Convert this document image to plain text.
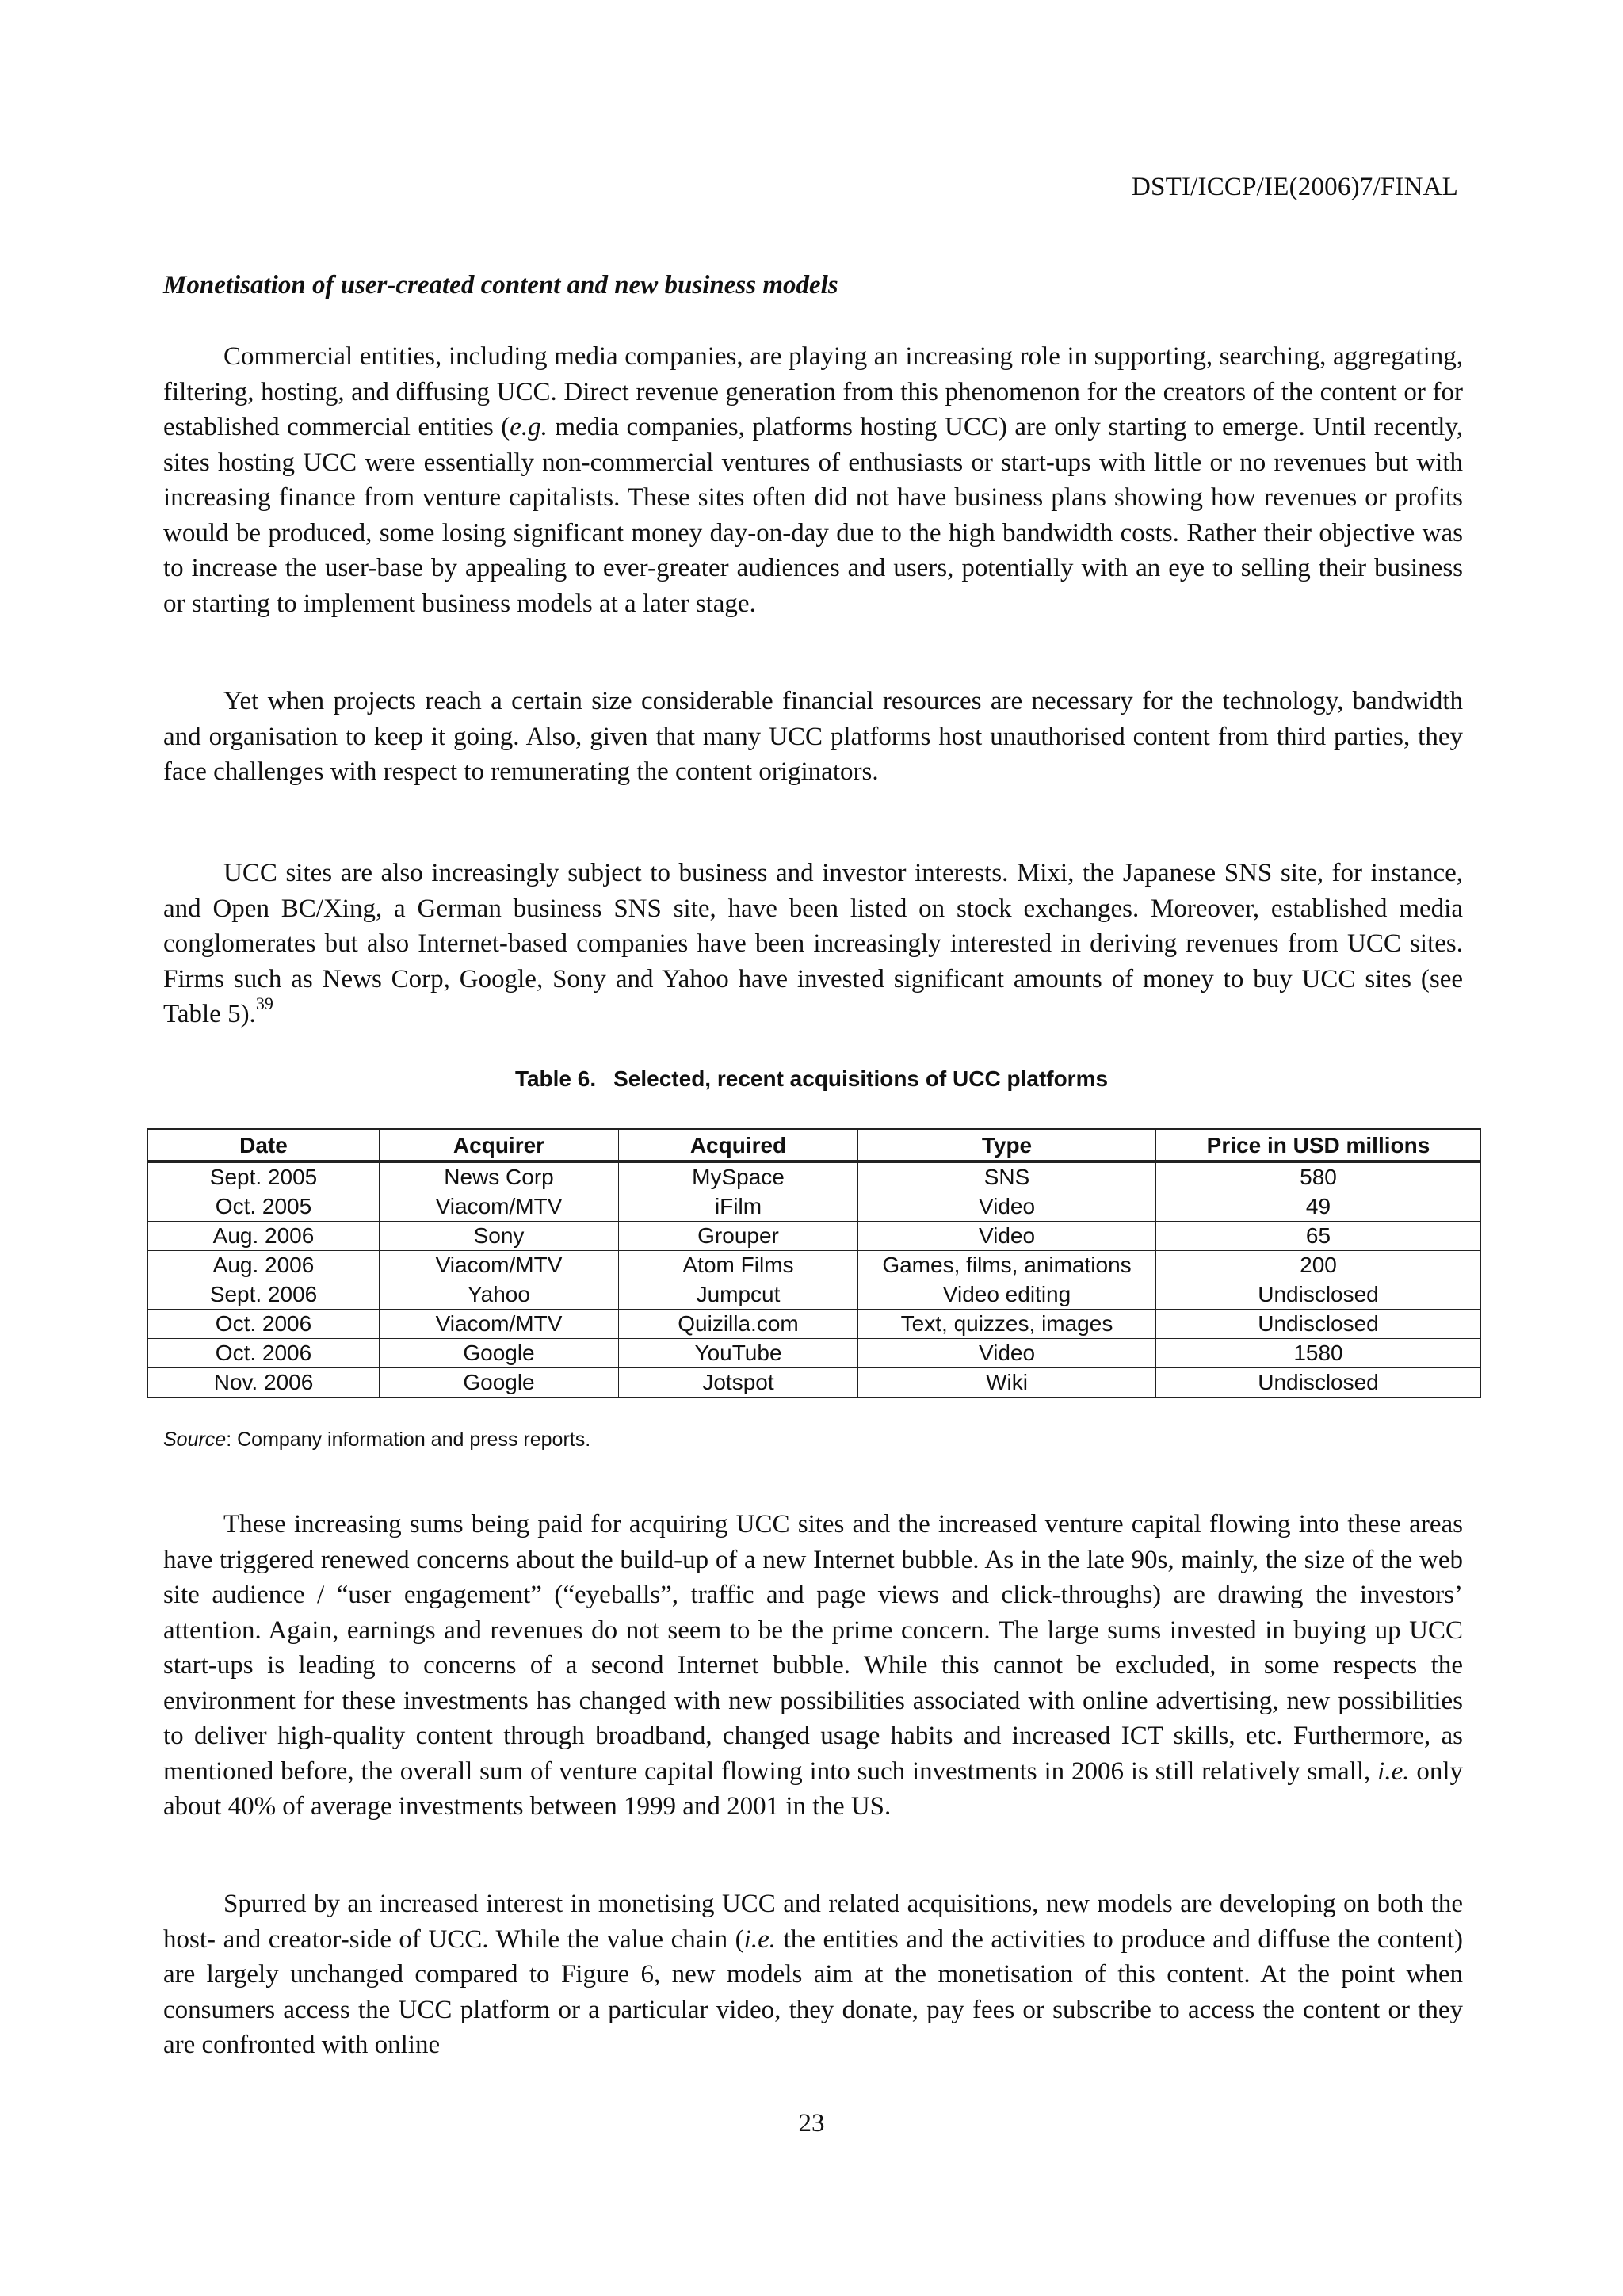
DSTI/ICCP/IE(2006)7/FINAL
Monetisation of user-created content and new business models

Commercial entities, including media companies, are playing an increasing role in supporting, searching, aggregating, filtering, hosting, and diffusing UCC. Direct revenue generation from this phenomenon for the creators of the content or for established commercial entities (e.g. media companies, platforms hosting UCC) are only starting to emerge. Until recently, sites hosting UCC were essentially non-commercial ventures of enthusiasts or start-ups with little or no revenues but with increasing finance from venture capitalists. These sites often did not have business plans showing how revenues or profits would be produced, some losing significant money day-on-day due to the high bandwidth costs. Rather their objective was to increase the user-base by appealing to ever-greater audiences and users, potentially with an eye to selling their business or starting to implement business models at a later stage.

Yet when projects reach a certain size considerable financial resources are necessary for the technology, bandwidth and organisation to keep it going. Also, given that many UCC platforms host unauthorised content from third parties, they face challenges with respect to remunerating the content originators.

UCC sites are also increasingly subject to business and investor interests. Mixi, the Japanese SNS site, for instance, and Open BC/Xing, a German business SNS site, have been listed on stock exchanges. Moreover, established media conglomerates but also Internet-based companies have been increasingly interested in deriving revenues from UCC sites. Firms such as News Corp, Google, Sony and Yahoo have invested significant amounts of money to buy UCC sites (see Table 5).$^{39}$

Table 6. Selected, recent acquisitions of UCC platforms
Date	Acquirer	Acquired	Type	Price in USD millions
Sept. 2005	News Corp	MySpace	SNS	580
Oct. 2005	Viacom/MTV	iFilm	Video	49
Aug. 2006	Sony	Grouper	Video	65
Aug. 2006	Viacom/MTV	Atom Films	Games, films, animations	200
Sept. 2006	Yahoo	Jumpcut	Video editing	Undisclosed
Oct. 2006	Viacom/MTV	Quizilla.com	Text, quizzes, images	Undisclosed
Oct. 2006	Google	YouTube	Video	1580
Nov. 2006	Google	Jotspot	Wiki	Undisclosed
Source: Company information and press reports.

These increasing sums being paid for acquiring UCC sites and the increased venture capital flowing into these areas have triggered renewed concerns about the build-up of a new Internet bubble. As in the late 90s, mainly, the size of the web site audience / “user engagement” (“eyeballs”, traffic and page views and click-throughs) are drawing the investors’ attention. Again, earnings and revenues do not seem to be the prime concern. The large sums invested in buying up UCC start-ups is leading to concerns of a second Internet bubble. While this cannot be excluded, in some respects the environment for these investments has changed with new possibilities associated with online advertising, new possibilities to deliver high-quality content through broadband, changed usage habits and increased ICT skills, etc. Furthermore, as mentioned before, the overall sum of venture capital flowing into such investments in 2006 is still relatively small, i.e. only about 40% of average investments between 1999 and 2001 in the US.

Spurred by an increased interest in monetising UCC and related acquisitions, new models are developing on both the host- and creator-side of UCC. While the value chain (i.e. the entities and the activities to produce and diffuse the content) are largely unchanged compared to Figure 6, new models aim at the monetisation of this content. At the point when consumers access the UCC platform or a particular video, they donate, pay fees or subscribe to access the content or they are confronted with online

23
